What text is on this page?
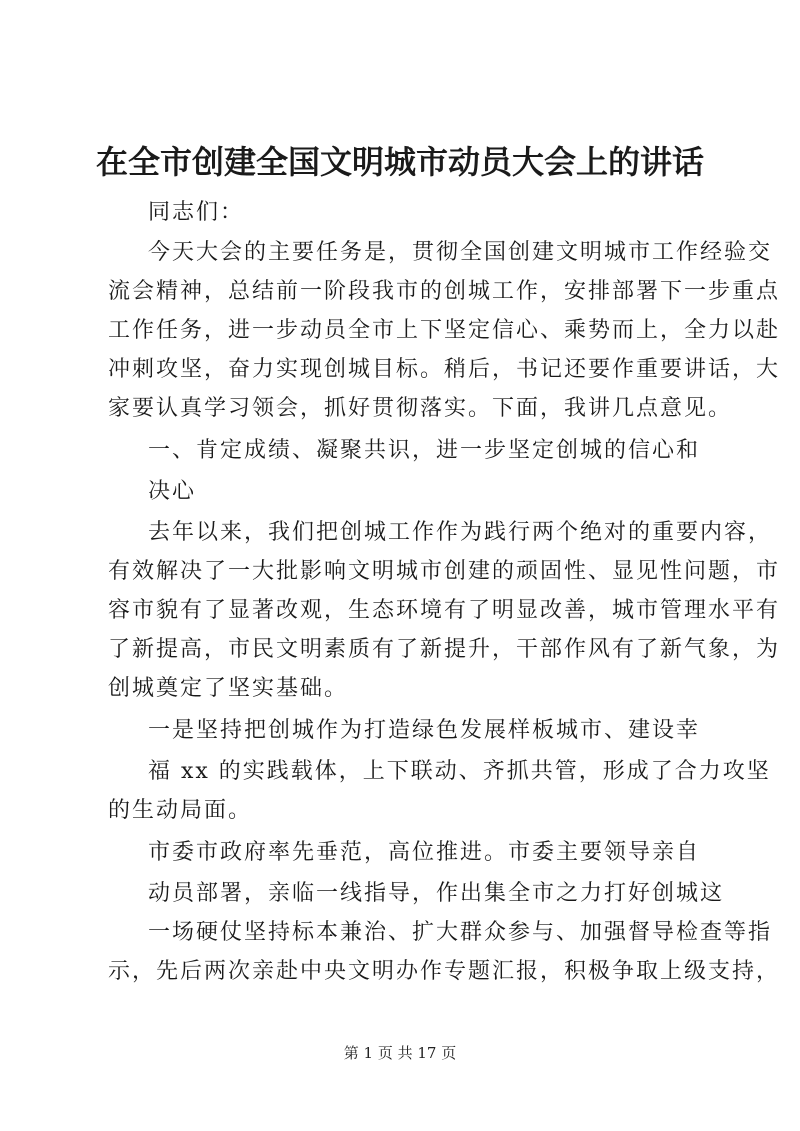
在全市创建全国文明城市动员大会上的讲话
同志们：
今天大会的主要任务是，贯彻全国创建文明城市工作经验交
流会精神，总结前一阶段我市的创城工作，安排部署下一步重点
工作任务，进一步动员全市上下坚定信心、乘势而上，全力以赴
冲刺攻坚，奋力实现创城目标。稍后，书记还要作重要讲话，大
家要认真学习领会，抓好贯彻落实。下面，我讲几点意见。
一、肯定成绩、凝聚共识，进一步坚定创城的信心和
决心
去年以来，我们把创城工作作为践行两个绝对的重要内容，
有效解决了一大批影响文明城市创建的顽固性、显见性问题，市
容市貌有了显著改观，生态环境有了明显改善，城市管理水平有
了新提高，市民文明素质有了新提升，干部作风有了新气象，为
创城奠定了坚实基础。
一是坚持把创城作为打造绿色发展样板城市、建设幸
福 xx 的实践载体，上下联动、齐抓共管，形成了合力攻坚
的生动局面。
市委市政府率先垂范，高位推进。市委主要领导亲自
动员部署，亲临一线指导，作出集全市之力打好创城这
一场硬仗坚持标本兼治、扩大群众参与、加强督导检查等指
示，先后两次亲赴中央文明办作专题汇报，积极争取上级支持，
第 1 页 共 17 页
